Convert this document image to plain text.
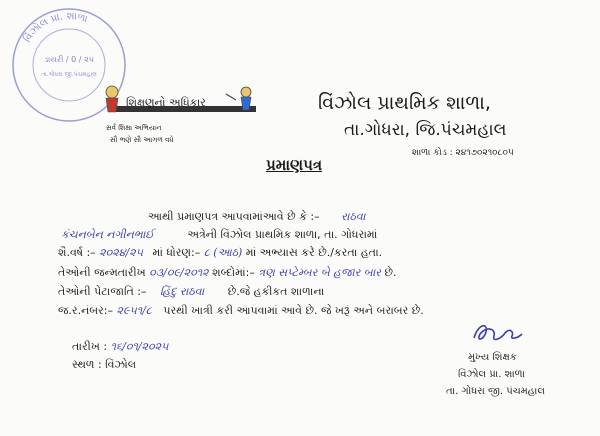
વિંઝોલ પ્રા. શાળા
ડાયરી / 0 / ૨૫
તા.ગોધરા જી.પંચમહાલ
શિક્ષણનો અધિકાર
સર્વ શિક્ષા અભિયાન
સૌ ભણે સૌ આગળ વધે
વિંઝોલ પ્રાથમિક શાળા,
તા.ગોધરા, જિ.પંચમહાલ
શાળા કોડ : ૨૪૧૭૦૨૧૦૮૦૫
પ્રમાણપત્ર
આથી પ્રમાણપત્ર આપવામાંઆવે છે કે :– રાઠવા
કંચનબેન નગીનભાઈ	અત્રેની વિંઝોલ પ્રાથમિક શાળા, તા. ગોધરામાં
શૈ.વર્ષ :– ૨૦૨૪/૨૫ માં ધોરણ:– ૮ (આઠ) માં અભ્યાસ કરે છે./કરતા હતા.
તેઓની જન્મતારીખ ૦૩/૦૯/૨૦૧૨ શબ્દોમાં:– ત્રણ સપ્ટેમ્બર બે હજાર બાર છે.
તેઓની પેટાજાતિ :– હિંદુ રાઠવા છે.જે હકીકત શાળાના
જ.ર.નંબર:– ૨૯૫૧/૮ પરથી ખાત્રી કરી આપવામાં આવે છે. જે ખરૂં અને બરાબર છે.
તારીખ : ૧૬/૦૧/૨૦૨૫
સ્થળ : વિંઝોલ
મુખ્ય શિક્ષક
વિંઝોલ પ્રા. શાળા
તા. ગોધરા જી. પંચમહાલ
